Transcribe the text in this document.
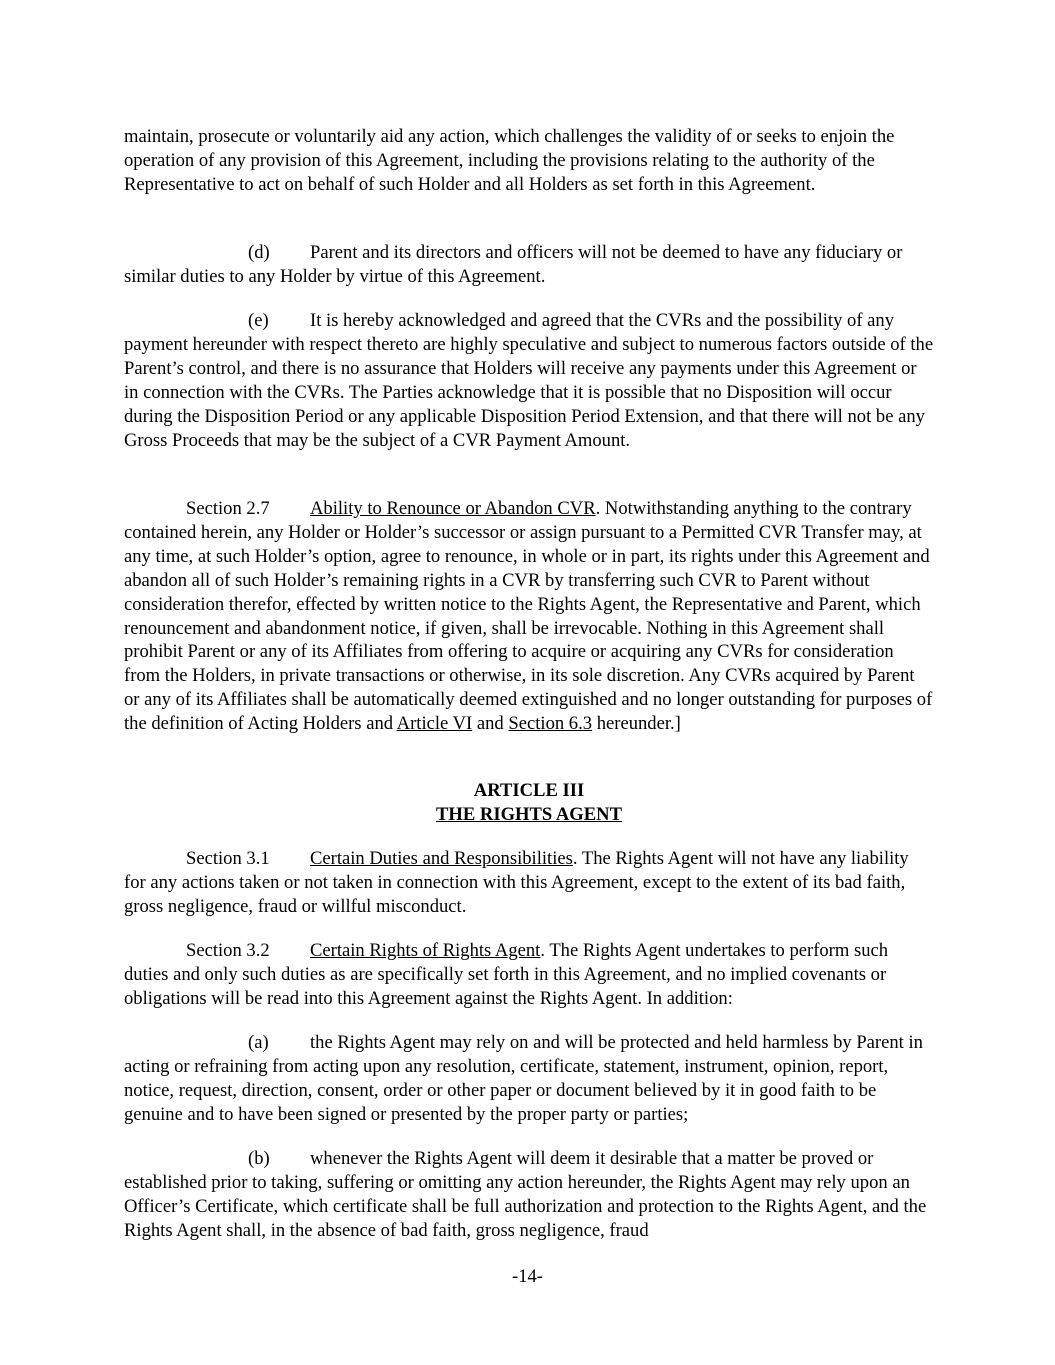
maintain, prosecute or voluntarily aid any action, which challenges the validity of or seeks to enjoin the operation of any provision of this Agreement, including the provisions relating to the authority of the Representative to act on behalf of such Holder and all Holders as set forth in this Agreement.

(d) Parent and its directors and officers will not be deemed to have any fiduciary or similar duties to any Holder by virtue of this Agreement.

(e) It is hereby acknowledged and agreed that the CVRs and the possibility of any payment hereunder with respect thereto are highly speculative and subject to numerous factors outside of the Parent’s control, and there is no assurance that Holders will receive any payments under this Agreement or in connection with the CVRs. The Parties acknowledge that it is possible that no Disposition will occur during the Disposition Period or any applicable Disposition Period Extension, and that there will not be any Gross Proceeds that may be the subject of a CVR Payment Amount.

Section 2.7 Ability to Renounce or Abandon CVR. Notwithstanding anything to the contrary contained herein, any Holder or Holder’s successor or assign pursuant to a Permitted CVR Transfer may, at any time, at such Holder’s option, agree to renounce, in whole or in part, its rights under this Agreement and abandon all of such Holder’s remaining rights in a CVR by transferring such CVR to Parent without consideration therefor, effected by written notice to the Rights Agent, the Representative and Parent, which renouncement and abandonment notice, if given, shall be irrevocable. Nothing in this Agreement shall prohibit Parent or any of its Affiliates from offering to acquire or acquiring any CVRs for consideration from the Holders, in private transactions or otherwise, in its sole discretion. Any CVRs acquired by Parent or any of its Affiliates shall be automatically deemed extinguished and no longer outstanding for purposes of the definition of Acting Holders and Article VI and Section 6.3 hereunder.]

ARTICLE III
THE RIGHTS AGENT

Section 3.1 Certain Duties and Responsibilities. The Rights Agent will not have any liability for any actions taken or not taken in connection with this Agreement, except to the extent of its bad faith, gross negligence, fraud or willful misconduct.

Section 3.2 Certain Rights of Rights Agent. The Rights Agent undertakes to perform such duties and only such duties as are specifically set forth in this Agreement, and no implied covenants or obligations will be read into this Agreement against the Rights Agent. In addition:

(a) the Rights Agent may rely on and will be protected and held harmless by Parent in acting or refraining from acting upon any resolution, certificate, statement, instrument, opinion, report, notice, request, direction, consent, order or other paper or document believed by it in good faith to be genuine and to have been signed or presented by the proper party or parties;

(b) whenever the Rights Agent will deem it desirable that a matter be proved or established prior to taking, suffering or omitting any action hereunder, the Rights Agent may rely upon an Officer’s Certificate, which certificate shall be full authorization and protection to the Rights Agent, and the Rights Agent shall, in the absence of bad faith, gross negligence, fraud

-14-
